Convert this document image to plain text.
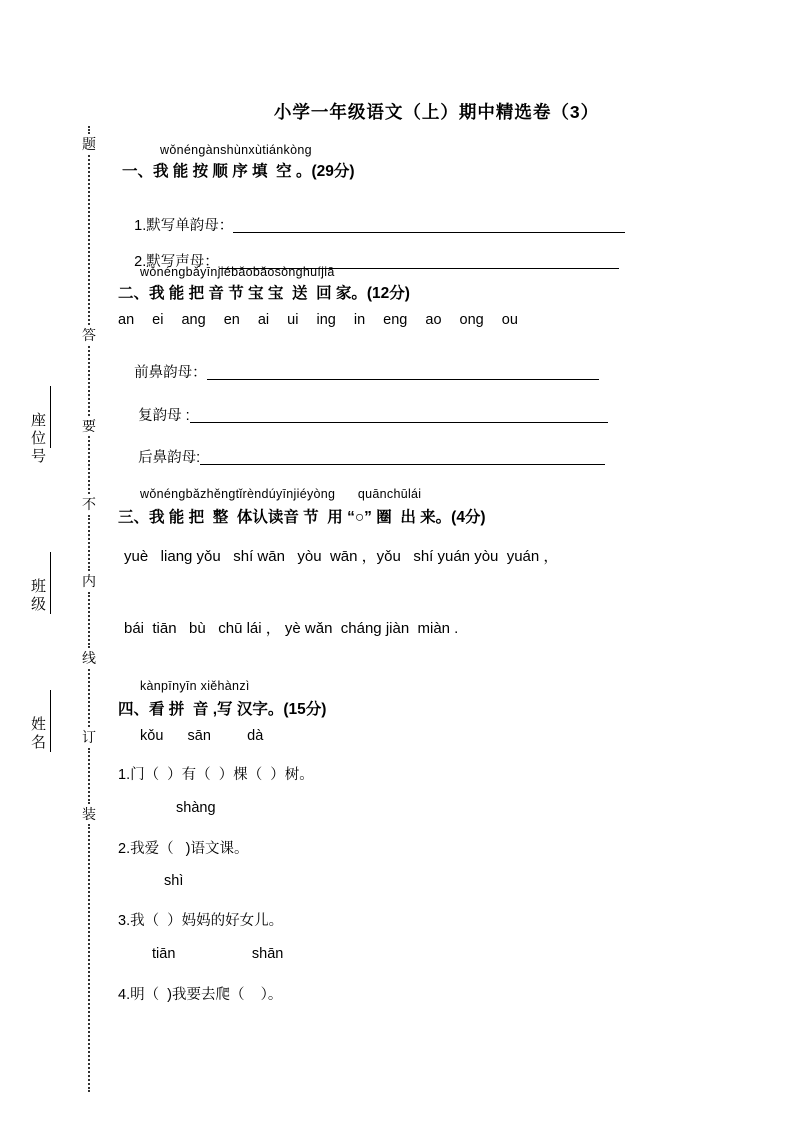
小学一年级语文（上）期中精选卷（3）
座位号
班级
姓名
题
答
要
不
内
线
订
装
wǒnéngànshùnxùtiánkòng
一、我 能 按 顺 序 填  空 。(29分)

1.默写单韵母：

2.默写声母：

wǒnéngbǎyīnjiébǎobǎosònghuíjiā
二、我 能 把 音 节 宝 宝  送  回 家。(12分)
an ei ang en ai ui ing in eng ao ong ou

前鼻韵母：

复韵母 :

后鼻韵母:

wǒnéngbǎzhěngtǐrèndúyīnjiéyòng      quānchūlái
三、我 能 把  整  体认读音 节  用 “○” 圈  出 来。(4分)
yuè   liang yǒu   shí wān   yòu  wān ，yǒu   shí yuán yòu  yuán ，
bái  tiān   bù   chū lái ， yè wǎn  cháng jiàn  miàn .
kànpīnyīn xiěhànzì
四、看 拼  音 ,写 汉字。(15分)
kǒu      sān         dà
1.门（  ）有（  ）棵（  ）树。
shàng
2.我爱（   )语文课。
shì
3.我（  ）妈妈的好女儿。
tiān                   shān
4.明（  )我要去爬（    ）。
